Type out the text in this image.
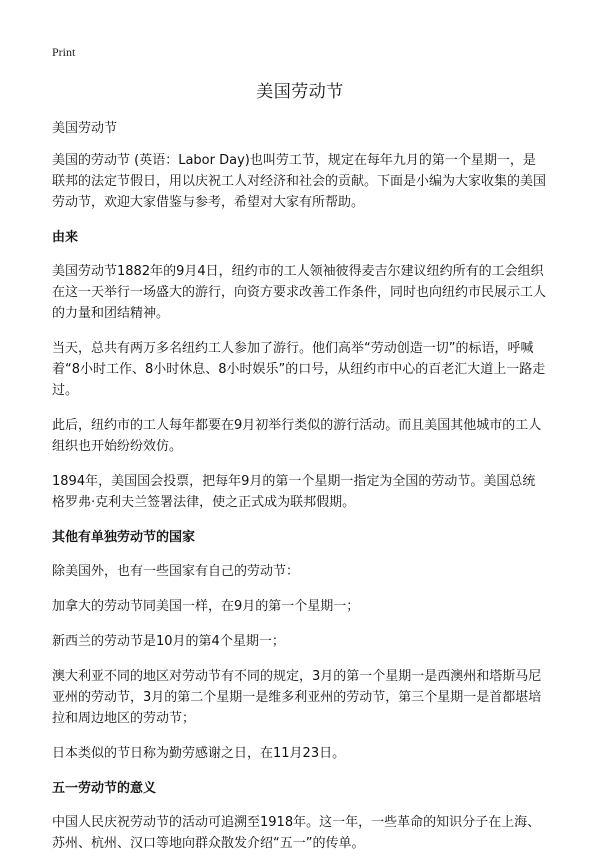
Print
美国劳动节
美国劳动节

美国的劳动节 (英语：Labor Day)也叫劳工节，规定在每年九月的第一个星期一，是联邦的法定节假日，用以庆祝工人对经济和社会的贡献。下面是小编为大家收集的美国劳动节，欢迎大家借鉴与参考，希望对大家有所帮助。

由来

美国劳动节1882年的9月4日，纽约市的工人领袖彼得麦吉尔建议纽约所有的工会组织在这一天举行一场盛大的游行，向资方要求改善工作条件，同时也向纽约市民展示工人的力量和团结精神。

当天，总共有两万多名纽约工人参加了游行。他们高举“劳动创造一切”的标语，呼喊着“8小时工作、8小时休息、8小时娱乐”的口号，从纽约市中心的百老汇大道上一路走过。

此后，纽约市的工人每年都要在9月初举行类似的游行活动。而且美国其他城市的工人组织也开始纷纷效仿。

1894年，美国国会投票，把每年9月的第一个星期一指定为全国的劳动节。美国总统格罗弗·克利夫兰签署法律，使之正式成为联邦假期。

其他有单独劳动节的国家

除美国外，也有一些国家有自己的劳动节：

加拿大的劳动节同美国一样，在9月的第一个星期一；

新西兰的劳动节是10月的第4个星期一；

澳大利亚不同的地区对劳动节有不同的规定，3月的第一个星期一是西澳州和塔斯马尼亚州的劳动节，3月的第二个星期一是维多利亚州的劳动节，第三个星期一是首都堪培拉和周边地区的劳动节；

日本类似的节日称为勤劳感谢之日，在11月23日。

五一劳动节的意义

中国人民庆祝劳动节的活动可追溯至1918年。这一年，一些革命的知识分子在上海、苏州、杭州、汉口等地向群众散发介绍“五一”的传单。
